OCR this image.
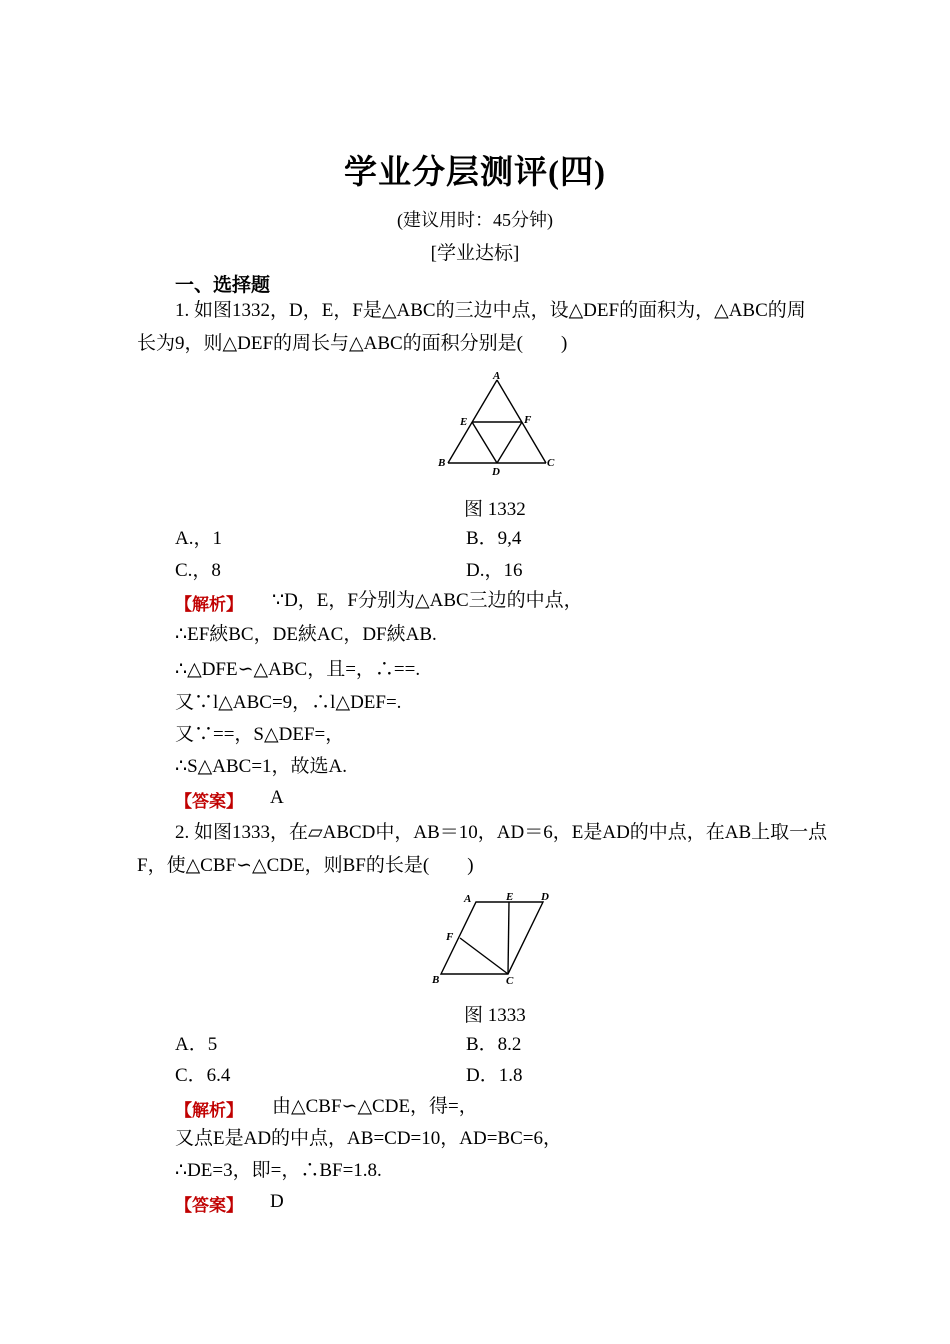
学业分层测评(四)
(建议用时：45分钟)
[学业达标]
一、选择题
1. 如图1332，D，E，F是△ABC的三边中点，设△DEF的面积为，△ABC的周
长为9，则△DEF的周长与△ABC的面积分别是(　　)
A
B	C
D
E	F
图 1332
A.，1	B．9,4
C.，8	D.，16
【解析】 ∵D，E，F分别为△ABC三边的中点，
∴EF綊BC，DE綊AC，DF綊AB.
∴△DFE∽△ABC，且=，∴==.
又∵l△ABC=9，∴l△DEF=.
又∵==，S△DEF=，
∴S△ABC=1，故选A.
【答案】 A
2. 如图1333，在▱ABCD中，AB＝10，AD＝6，E是AD的中点，在AB上取一点
F，使△CBF∽△CDE，则BF的长是(　　)
A
B	C
D
E
F
图 1333
A．5	B．8.2
C．6.4	D．1.8
【解析】 由△CBF∽△CDE，得=，
又点E是AD的中点，AB=CD=10，AD=BC=6，
∴DE=3，即=，∴BF=1.8.
【答案】 D
